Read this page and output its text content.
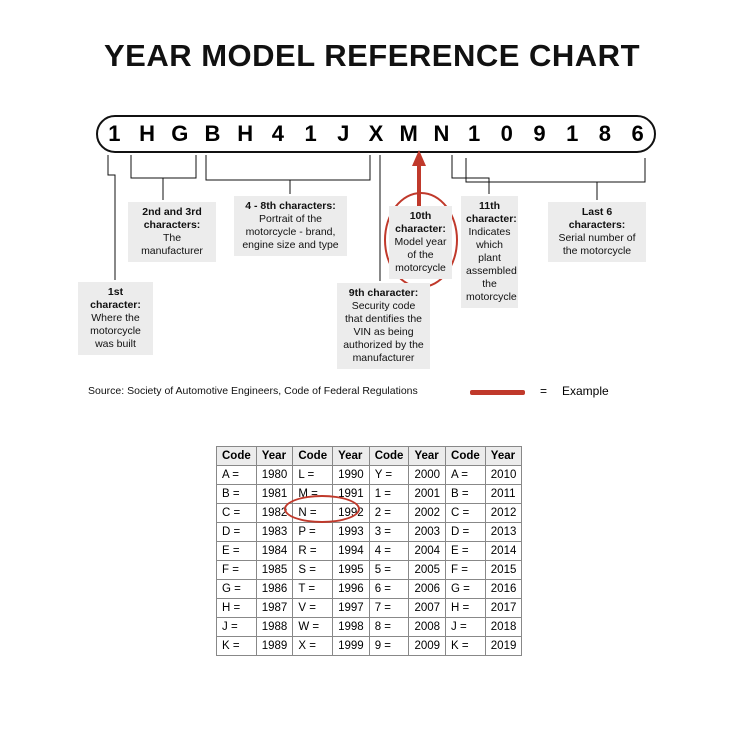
YEAR MODEL REFERENCE CHART
1 H G B H 4 1 J X M N 1 0 9 1 8 6
1st character:
Where the motorcycle was built
2nd and 3rd characters:
The manufacturer
4 - 8th characters:
Portrait of the motorcycle - brand, engine size and type
9th character: Security code that dentifies the VIN as being authorized by the manufacturer
10th character:
Model year of the motorcycle
11th character:
Indicates which plant assembled the motorcycle
Last 6 characters:
Serial number of the motorcycle
Source: Society of Automotive Engineers, Code of Federal Regulations	= Example
Code	Year	Code	Year	Code	Year	Code	Year
A =	1980	L =	1990	Y =	2000	A =	2010
B =	1981	M =	1991	1 =	2001	B =	2011
C =	1982	N =	1992	2 =	2002	C =	2012
D =	1983	P =	1993	3 =	2003	D =	2013
E =	1984	R =	1994	4 =	2004	E =	2014
F =	1985	S =	1995	5 =	2005	F =	2015
G =	1986	T =	1996	6 =	2006	G =	2016
H =	1987	V =	1997	7 =	2007	H =	2017
J =	1988	W =	1998	8 =	2008	J =	2018
K =	1989	X =	1999	9 =	2009	K =	2019
